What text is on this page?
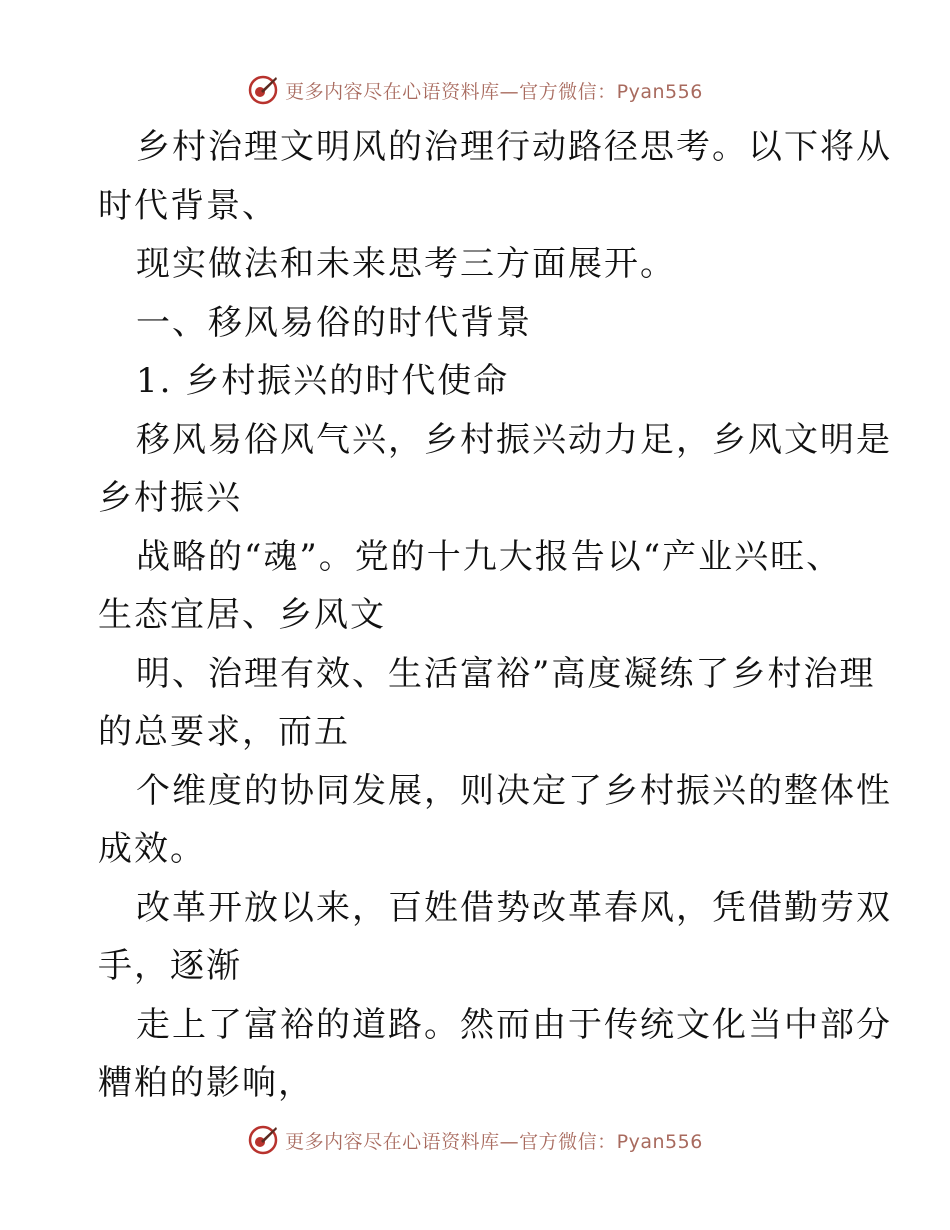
更多内容尽在心语资料库—官方微信：Pyan556
乡村治理文明风的治理行动路径思考。以下将从
时代背景、
现实做法和未来思考三方面展开。
一、移风易俗的时代背景
1. 乡村振兴的时代使命
移风易俗风气兴，乡村振兴动力足，乡风文明是
乡村振兴
战略的“魂”。党的十九大报告以“产业兴旺、
生态宜居、乡风文
明、治理有效、生活富裕”高度凝练了乡村治理
的总要求，而五
个维度的协同发展，则决定了乡村振兴的整体性
成效。
改革开放以来，百姓借势改革春风，凭借勤劳双
手，逐渐
走上了富裕的道路。然而由于传统文化当中部分
糟粕的影响，
更多内容尽在心语资料库—官方微信：Pyan556
